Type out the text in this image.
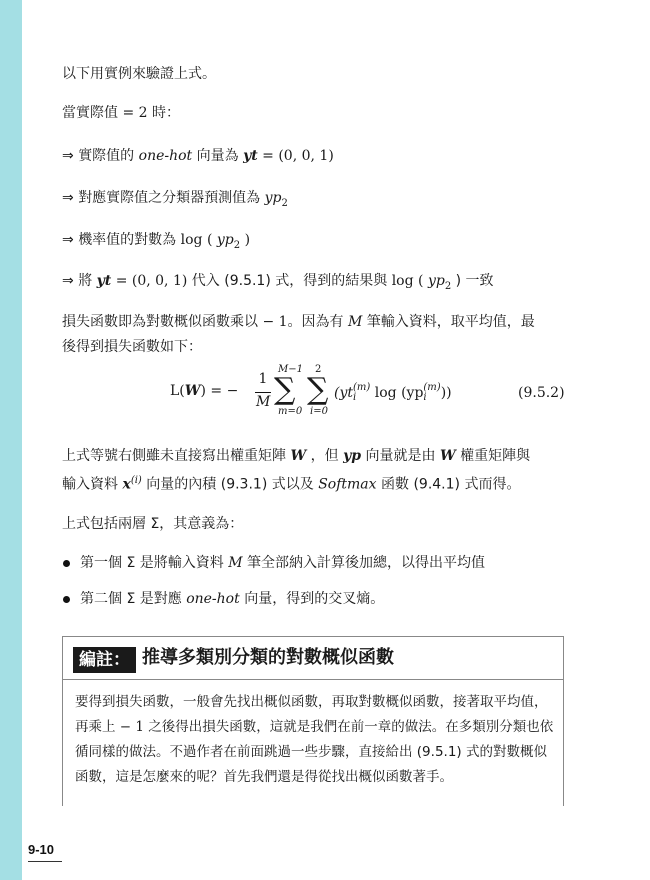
以下用實例來驗證上式。
當實際值 = 2 時：
⇒ 實際值的 one-hot 向量為 yt = (0, 0, 1)
⇒ 對應實際值之分類器預測值為 $yp_2$
⇒ 機率值的對數為 log ( $yp_2$ )
⇒ 將 yt = (0, 0, 1) 代入 (9.5.1) 式，得到的結果與 log ( $yp_2$ ) 一致
損失函數即為對數概似函數乘以 − 1。因為有 M 筆輸入資料，取平均值，最
後得到損失函數如下：
L(W) = −
1
M
M−1
∑
m=0
2
∑
i=0
(yt (m)
i	log (yp (m)
i	))	(9.5.2)
上式等號右側雖未直接寫出權重矩陣 W ，但 yp 向量就是由 W 權重矩陣與
輸入資料 $x^{(i)}$ 向量的內積 (9.3.1) 式以及 Softmax 函數 (9.4.1) 式而得。
上式包括兩層 Σ，其意義為：
第一個 Σ 是將輸入資料 M 筆全部納入計算後加總，以得出平均值
第二個 Σ 是對應 one-hot 向量，得到的交叉熵。
編註： 推導多類別分類的對數概似函數
要得到損失函數，一般會先找出概似函數，再取對數概似函數，接著取平均值，
再乘上 − 1 之後得出損失函數，這就是我們在前一章的做法。在多類別分類也依
循同樣的做法。不過作者在前面跳過一些步驟，直接給出 (9.5.1) 式的對數概似
函數，這是怎麼來的呢？首先我們還是得從找出概似函數著手。
9-10
